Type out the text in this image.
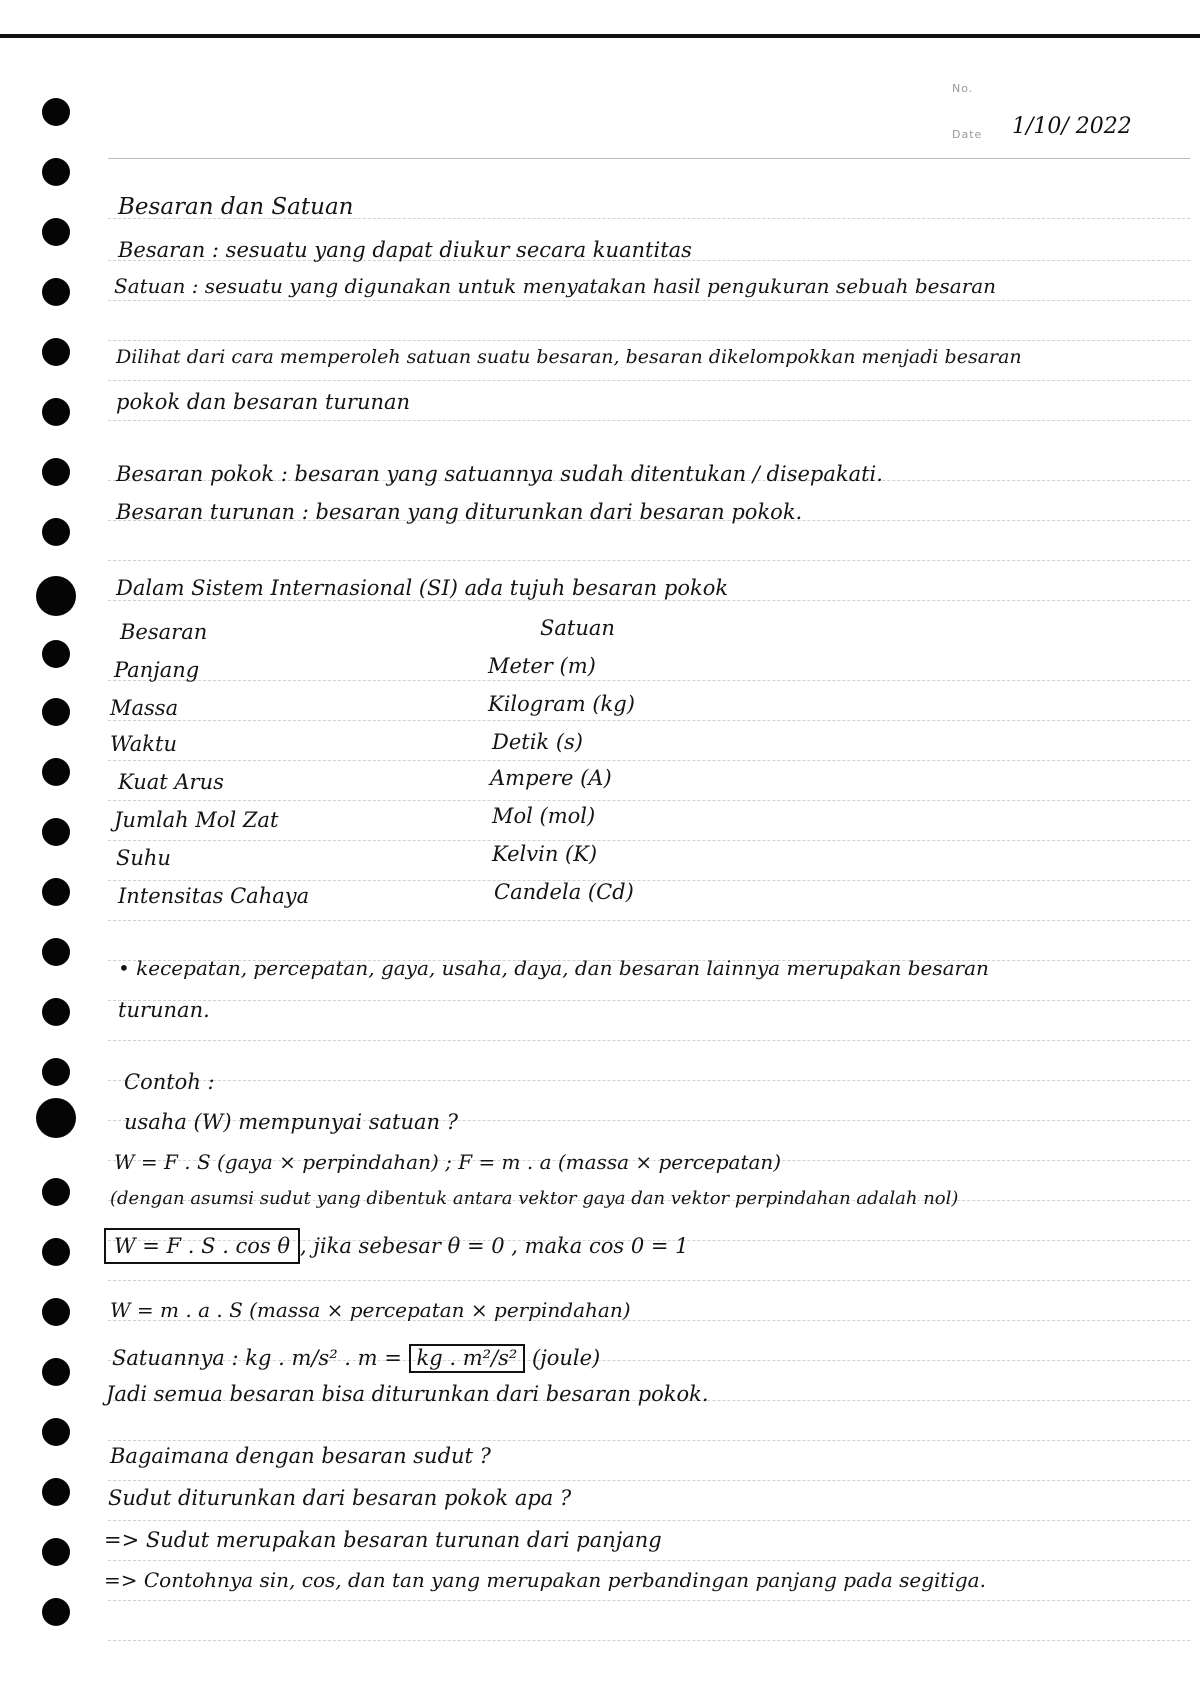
No.
Date 1/10/ 2022
Besaran dan Satuan
Besaran : sesuatu yang dapat diukur secara kuantitas
Satuan : sesuatu yang digunakan untuk menyatakan hasil pengukuran sebuah besaran
Dilihat dari cara memperoleh satuan suatu besaran, besaran dikelompokkan menjadi besaran
pokok dan besaran turunan
Besaran pokok : besaran yang satuannya sudah ditentukan / disepakati.
Besaran turunan : besaran yang diturunkan dari besaran pokok.
Dalam Sistem Internasional (SI) ada tujuh besaran pokok
Besaran	Satuan
Panjang	Meter (m)
Massa	Kilogram (kg)
Waktu	Detik (s)
Kuat Arus	Ampere (A)
Jumlah Mol Zat	Mol (mol)
Suhu	Kelvin (K)
Intensitas Cahaya	Candela (Cd)
• kecepatan, percepatan, gaya, usaha, daya, dan besaran lainnya merupakan besaran
turunan.
Contoh :
usaha (W) mempunyai satuan ?
W = F . S (gaya × perpindahan) ; F = m . a (massa × percepatan)
(dengan asumsi sudut yang dibentuk antara vektor gaya dan vektor perpindahan adalah nol)
W = F . S . cos θ , jika sebesar θ = 0 , maka cos 0 = 1
W = m . a . S (massa × percepatan × perpindahan)
Satuannya : kg . m/s² . m = kg . m²/s² (joule)
Jadi semua besaran bisa diturunkan dari besaran pokok.
Bagaimana dengan besaran sudut ?
Sudut diturunkan dari besaran pokok apa ?
=> Sudut merupakan besaran turunan dari panjang
=> Contohnya sin, cos, dan tan yang merupakan perbandingan panjang pada segitiga.
